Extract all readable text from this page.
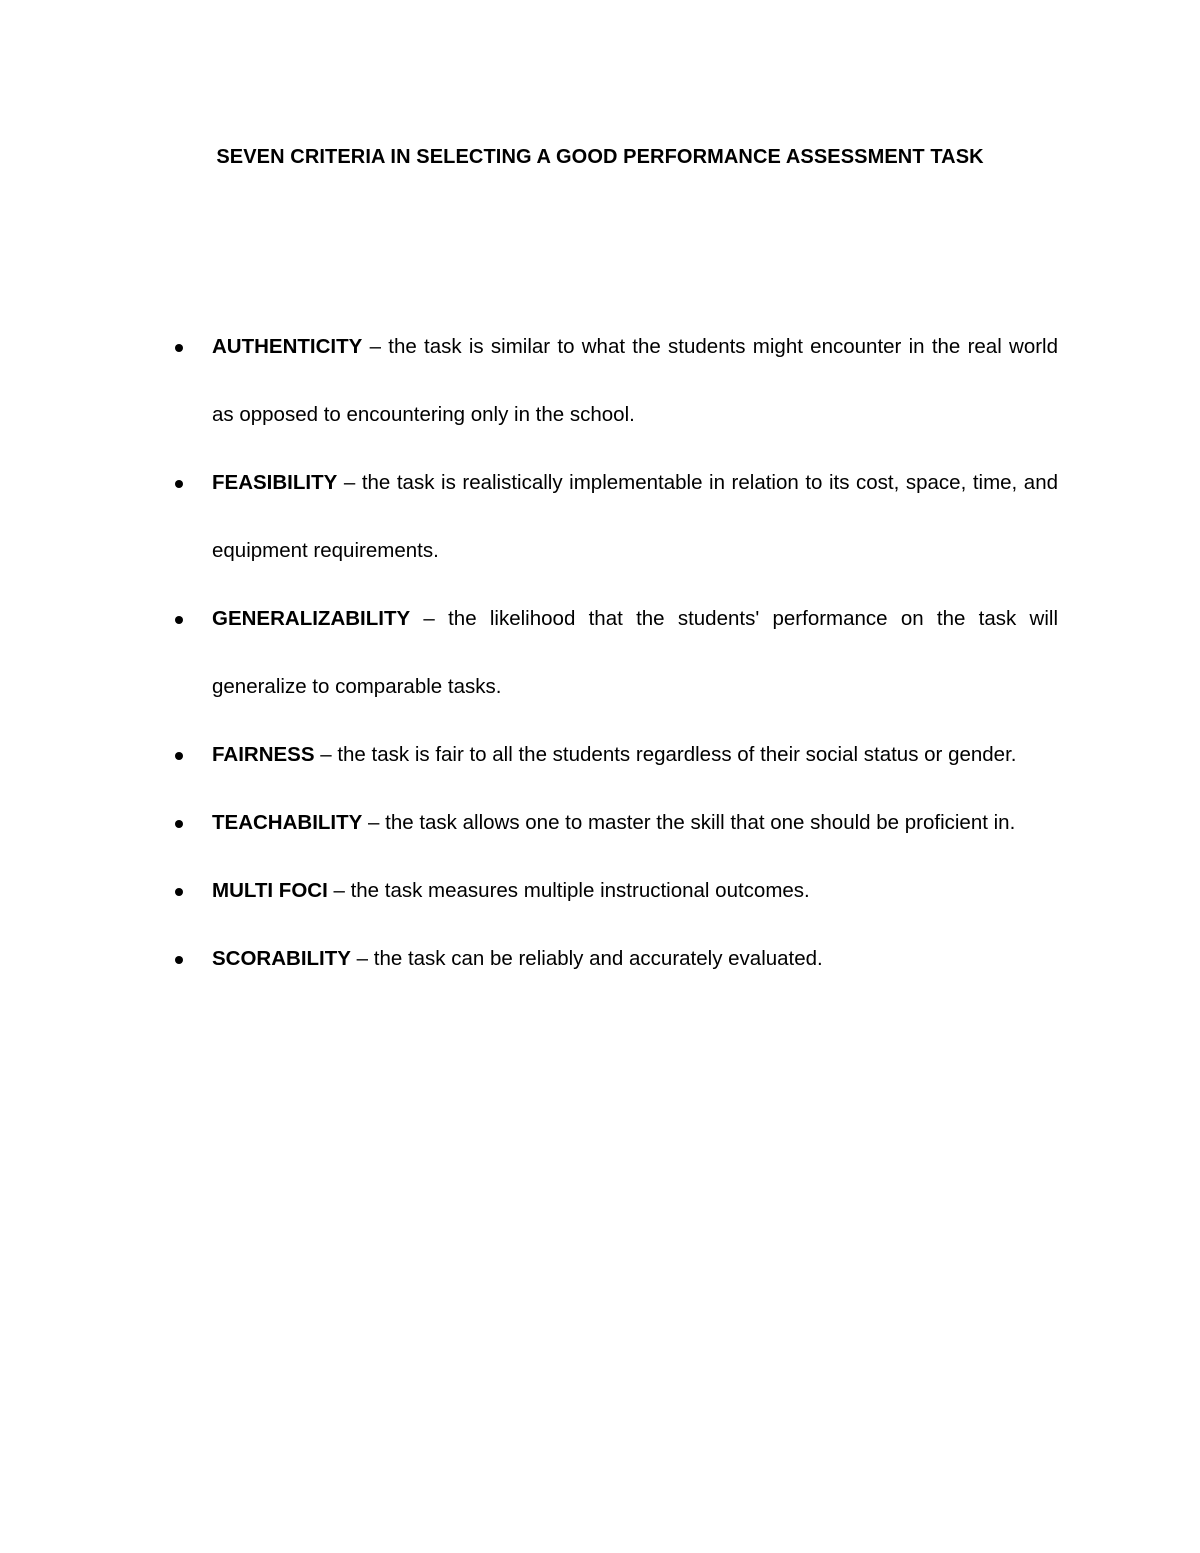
SEVEN CRITERIA IN SELECTING A GOOD PERFORMANCE ASSESSMENT TASK
AUTHENTICITY – the task is similar to what the students might encounter in the real world as opposed to encountering only in the school.
FEASIBILITY – the task is realistically implementable in relation to its cost, space, time, and equipment requirements.
GENERALIZABILITY – the likelihood that the students' performance on the task will generalize to comparable tasks.
FAIRNESS – the task is fair to all the students regardless of their social status or gender.
TEACHABILITY – the task allows one to master the skill that one should be proficient in.
MULTI FOCI – the task measures multiple instructional outcomes.
SCORABILITY – the task can be reliably and accurately evaluated.
